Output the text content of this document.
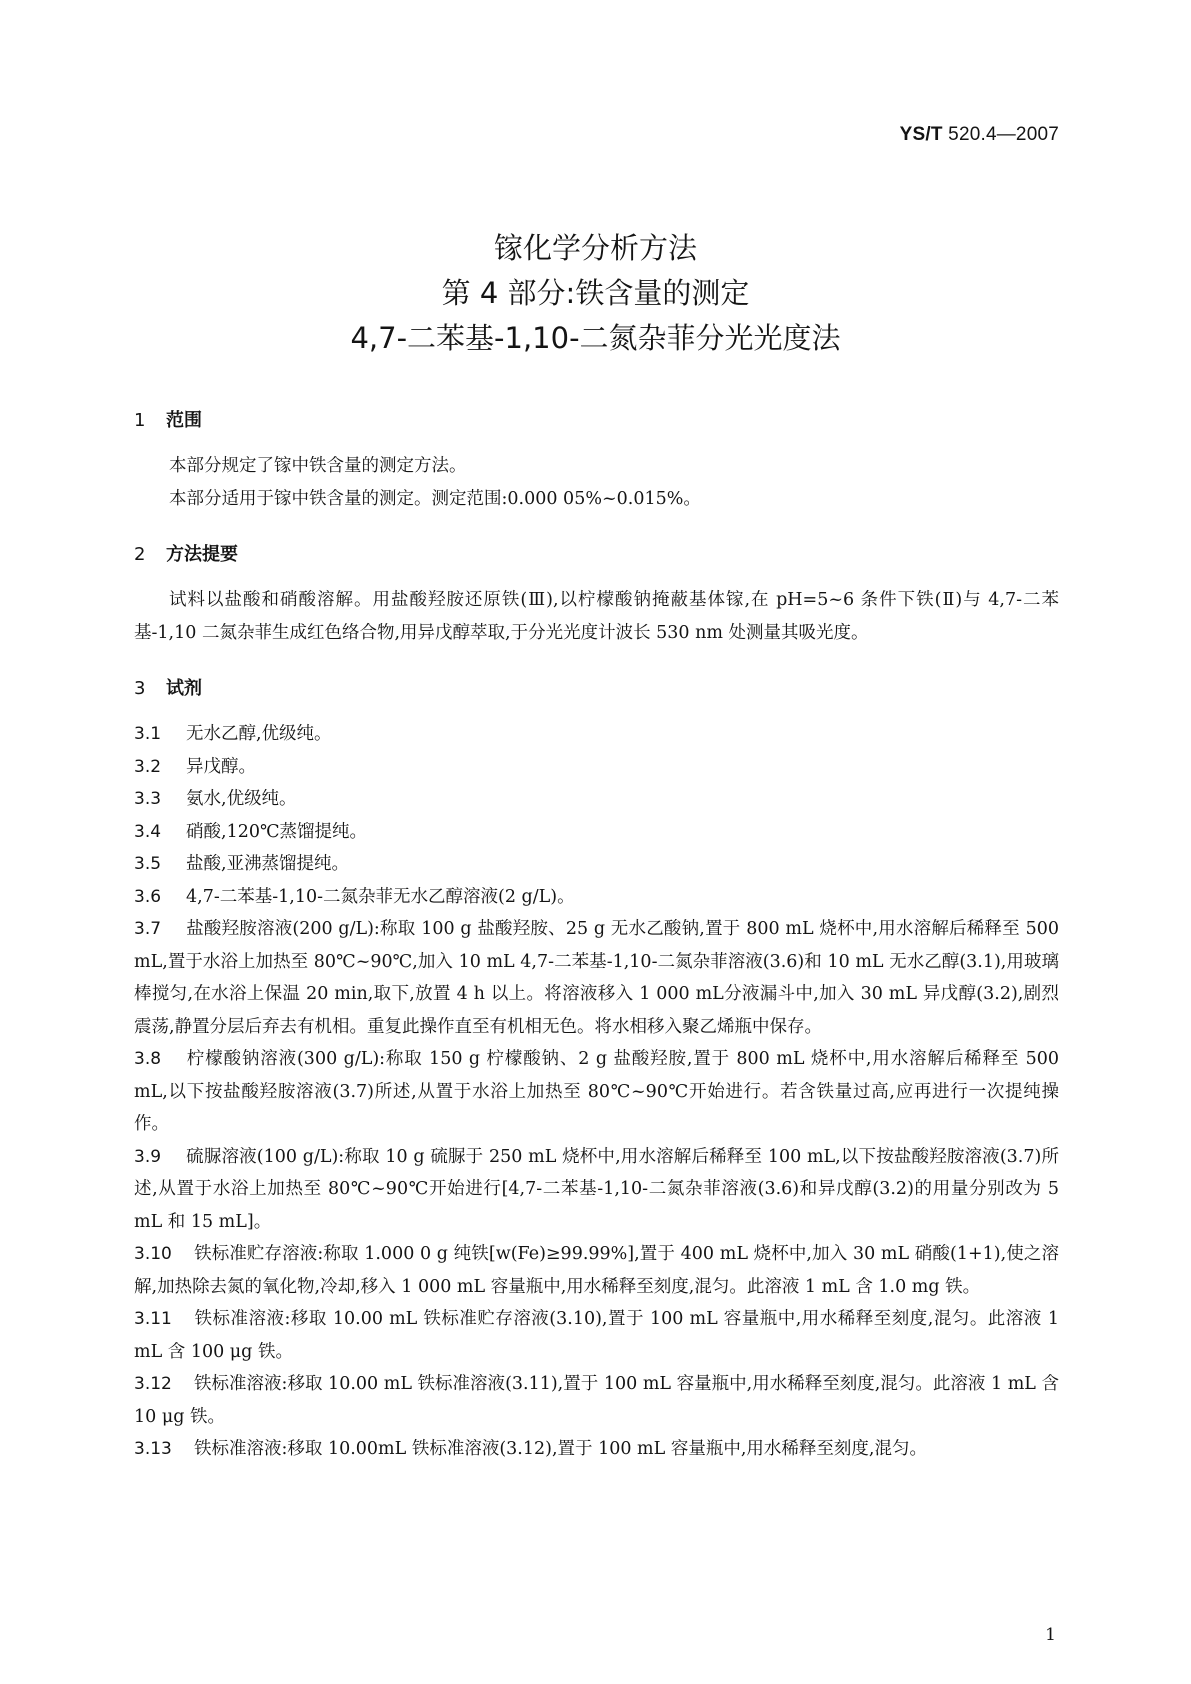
YS/T 520.4—2007

镓化学分析方法

第 4 部分:铁含量的测定

4,7-二苯基-1,10-二氮杂菲分光光度法

1 范围

本部分规定了镓中铁含量的测定方法。

本部分适用于镓中铁含量的测定。测定范围:0.000 05%~0.015%。

2 方法提要

试料以盐酸和硝酸溶解。用盐酸羟胺还原铁(Ⅲ),以柠檬酸钠掩蔽基体镓,在 pH=5~6 条件下铁(Ⅱ)与 4,7-二苯基-1,10 二氮杂菲生成红色络合物,用异戊醇萃取,于分光光度计波长 530 nm 处测量其吸光度。

3 试剂

3.1 无水乙醇,优级纯。

3.2 异戊醇。

3.3 氨水,优级纯。

3.4 硝酸,120℃蒸馏提纯。

3.5 盐酸,亚沸蒸馏提纯。

3.6 4,7-二苯基-1,10-二氮杂菲无水乙醇溶液(2 g/L)。

3.7 盐酸羟胺溶液(200 g/L):称取 100 g 盐酸羟胺、25 g 无水乙酸钠,置于 800 mL 烧杯中,用水溶解后稀释至 500 mL,置于水浴上加热至 80℃~90℃,加入 10 mL 4,7-二苯基-1,10-二氮杂菲溶液(3.6)和 10 mL 无水乙醇(3.1),用玻璃棒搅匀,在水浴上保温 20 min,取下,放置 4 h 以上。将溶液移入 1 000 mL分液漏斗中,加入 30 mL 异戊醇(3.2),剧烈震荡,静置分层后弃去有机相。重复此操作直至有机相无色。将水相移入聚乙烯瓶中保存。

3.8 柠檬酸钠溶液(300 g/L):称取 150 g 柠檬酸钠、2 g 盐酸羟胺,置于 800 mL 烧杯中,用水溶解后稀释至 500 mL,以下按盐酸羟胺溶液(3.7)所述,从置于水浴上加热至 80℃~90℃开始进行。若含铁量过高,应再进行一次提纯操作。

3.9 硫脲溶液(100 g/L):称取 10 g 硫脲于 250 mL 烧杯中,用水溶解后稀释至 100 mL,以下按盐酸羟胺溶液(3.7)所述,从置于水浴上加热至 80℃~90℃开始进行[4,7-二苯基-1,10-二氮杂菲溶液(3.6)和异戊醇(3.2)的用量分别改为 5 mL 和 15 mL]。

3.10 铁标准贮存溶液:称取 1.000 0 g 纯铁[w(Fe)≥99.99%],置于 400 mL 烧杯中,加入 30 mL 硝酸(1+1),使之溶解,加热除去氮的氧化物,冷却,移入 1 000 mL 容量瓶中,用水稀释至刻度,混匀。此溶液 1 mL 含 1.0 mg 铁。

3.11 铁标准溶液:移取 10.00 mL 铁标准贮存溶液(3.10),置于 100 mL 容量瓶中,用水稀释至刻度,混匀。此溶液 1 mL 含 100 μg 铁。

3.12 铁标准溶液:移取 10.00 mL 铁标准溶液(3.11),置于 100 mL 容量瓶中,用水稀释至刻度,混匀。此溶液 1 mL 含 10 μg 铁。

3.13 铁标准溶液:移取 10.00mL 铁标准溶液(3.12),置于 100 mL 容量瓶中,用水稀释至刻度,混匀。

1
